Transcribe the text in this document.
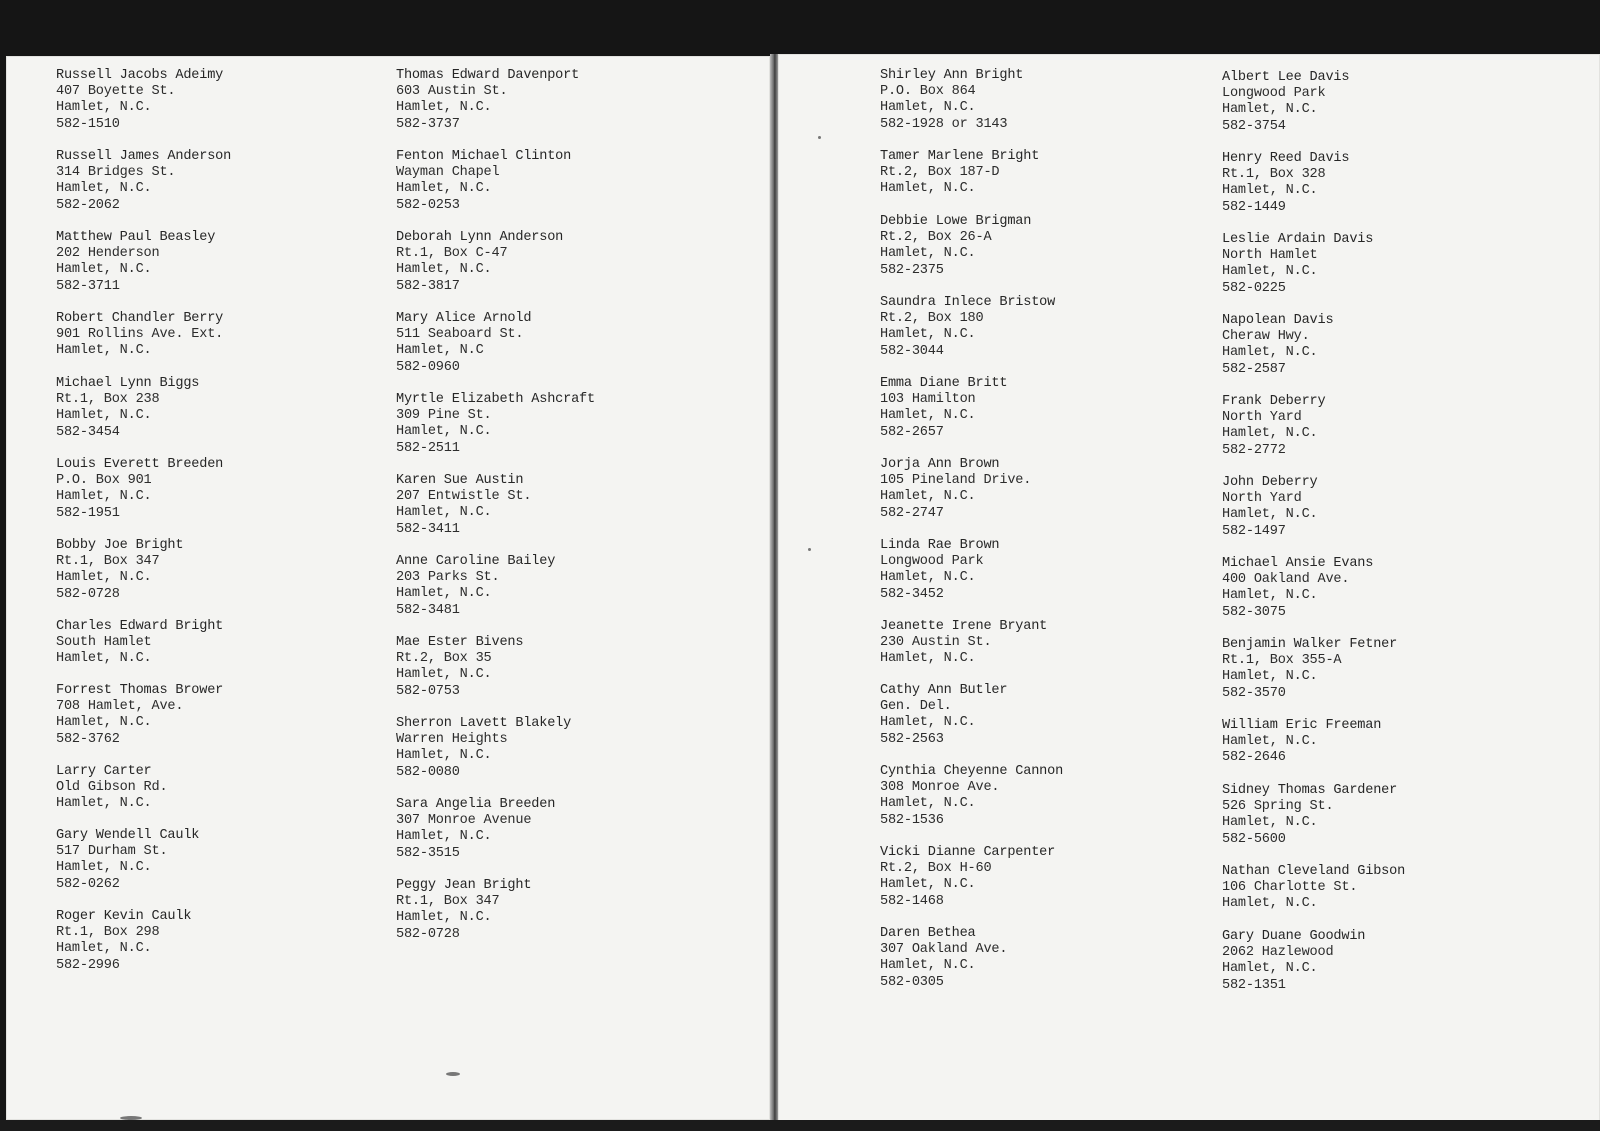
Russell Jacobs Adeimy
407 Boyette St.
Hamlet, N.C.
582-1510
Russell James Anderson
314 Bridges St.
Hamlet, N.C.
582-2062
Matthew Paul Beasley
202 Henderson
Hamlet, N.C.
582-3711
Robert Chandler Berry
901 Rollins Ave. Ext.
Hamlet, N.C.
Michael Lynn Biggs
Rt.1, Box 238
Hamlet, N.C.
582-3454
Louis Everett Breeden
P.O. Box 901
Hamlet, N.C.
582-1951
Bobby Joe Bright
Rt.1, Box 347
Hamlet, N.C.
582-0728
Charles Edward Bright
South Hamlet
Hamlet, N.C.
Forrest Thomas Brower
708 Hamlet, Ave.
Hamlet, N.C.
582-3762
Larry Carter
Old Gibson Rd.
Hamlet, N.C.
Gary Wendell Caulk
517 Durham St.
Hamlet, N.C.
582-0262
Roger Kevin Caulk
Rt.1, Box 298
Hamlet, N.C.
582-2996
Thomas Edward Davenport
603 Austin St.
Hamlet, N.C.
582-3737
Fenton Michael Clinton
Wayman Chapel
Hamlet, N.C.
582-0253
Deborah Lynn Anderson
Rt.1, Box C-47
Hamlet, N.C.
582-3817
Mary Alice Arnold
511 Seaboard St.
Hamlet, N.C
582-0960
Myrtle Elizabeth Ashcraft
309 Pine St.
Hamlet, N.C.
582-2511
Karen Sue Austin
207 Entwistle St.
Hamlet, N.C.
582-3411
Anne Caroline Bailey
203 Parks St.
Hamlet, N.C.
582-3481
Mae Ester Bivens
Rt.2, Box 35
Hamlet, N.C.
582-0753
Sherron Lavett Blakely
Warren Heights
Hamlet, N.C.
582-0080
Sara Angelia Breeden
307 Monroe Avenue
Hamlet, N.C.
582-3515
Peggy Jean Bright
Rt.1, Box 347
Hamlet, N.C.
582-0728
Shirley Ann Bright
P.O. Box 864
Hamlet, N.C.
582-1928 or 3143
Tamer Marlene Bright
Rt.2, Box 187-D
Hamlet, N.C.
Debbie Lowe Brigman
Rt.2, Box 26-A
Hamlet, N.C.
582-2375
Saundra Inlece Bristow
Rt.2, Box 180
Hamlet, N.C.
582-3044
Emma Diane Britt
103 Hamilton
Hamlet, N.C.
582-2657
Jorja Ann Brown
105 Pineland Drive.
Hamlet, N.C.
582-2747
Linda Rae Brown
Longwood Park
Hamlet, N.C.
582-3452
Jeanette Irene Bryant
230 Austin St.
Hamlet, N.C.
Cathy Ann Butler
Gen. Del.
Hamlet, N.C.
582-2563
Cynthia Cheyenne Cannon
308 Monroe Ave.
Hamlet, N.C.
582-1536
Vicki Dianne Carpenter
Rt.2, Box H-60
Hamlet, N.C.
582-1468
Daren Bethea
307 Oakland Ave.
Hamlet, N.C.
582-0305
Albert Lee Davis
Longwood Park
Hamlet, N.C.
582-3754
Henry Reed Davis
Rt.1, Box 328
Hamlet, N.C.
582-1449
Leslie Ardain Davis
North Hamlet
Hamlet, N.C.
582-0225
Napolean Davis
Cheraw Hwy.
Hamlet, N.C.
582-2587
Frank Deberry
North Yard
Hamlet, N.C.
582-2772
John Deberry
North Yard
Hamlet, N.C.
582-1497
Michael Ansie Evans
400 Oakland Ave.
Hamlet, N.C.
582-3075
Benjamin Walker Fetner
Rt.1, Box 355-A
Hamlet, N.C.
582-3570
William Eric Freeman
Hamlet, N.C.
582-2646
Sidney Thomas Gardener
526 Spring St.
Hamlet, N.C.
582-5600
Nathan Cleveland Gibson
106 Charlotte St.
Hamlet, N.C.
Gary Duane Goodwin
2062 Hazlewood
Hamlet, N.C.
582-1351
